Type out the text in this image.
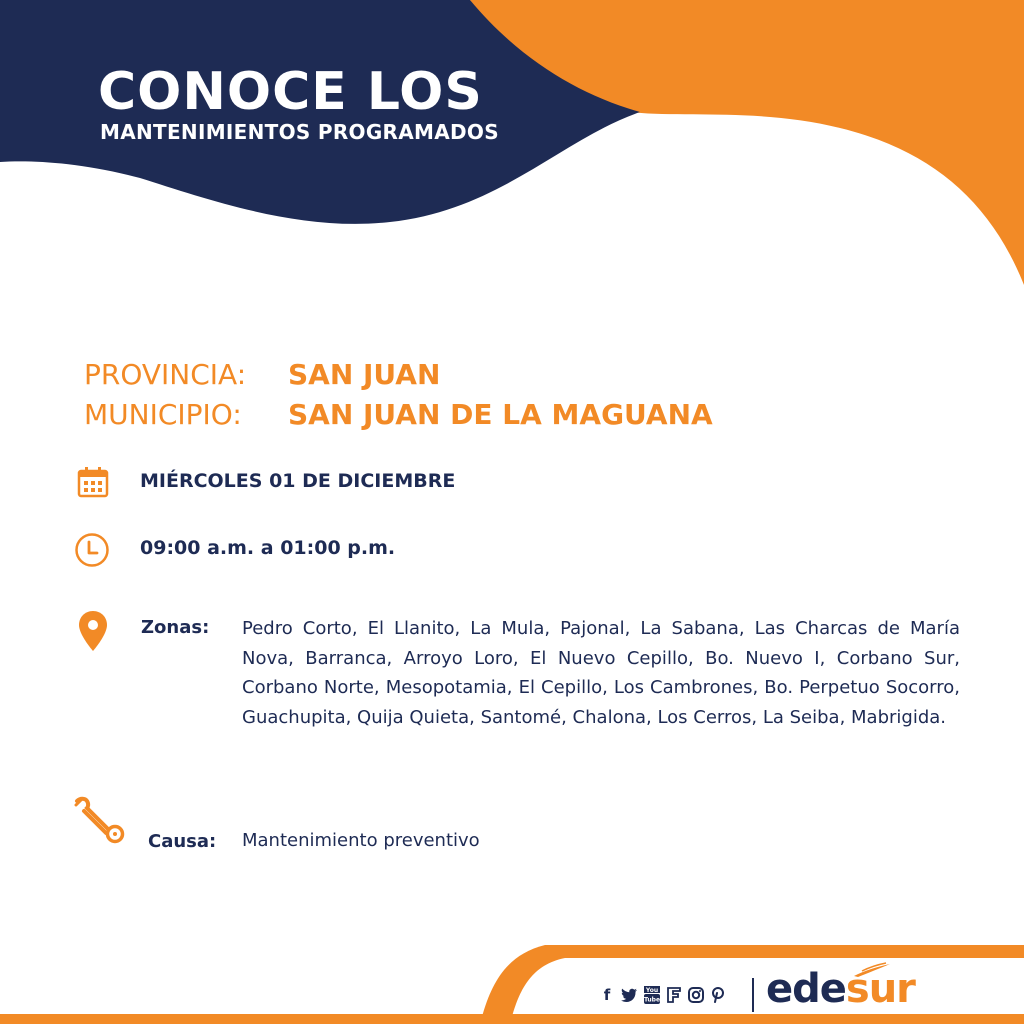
CONOCE LOS
MANTENIMIENTOS PROGRAMADOS
PROVINCIA: SAN JUAN
MUNICIPIO: SAN JUAN DE LA MAGUANA
MIÉRCOLES 01 DE DICIEMBRE
09:00 a.m. a 01:00 p.m.
Zonas: Pedro Corto, El Llanito, La Mula, Pajonal, La Sabana, Las Charcas de María Nova, Barranca, Arroyo Loro, El Nuevo Cepillo, Bo. Nuevo I, Corbano Sur, Corbano Norte, Mesopotamia, El Cepillo, Los Cambrones, Bo. Perpetuo Socorro, Guachupita, Quija Quieta, Santomé, Chalona, Los Cerros, La Seiba, Mabrigida.
Causa: Mantenimiento preventivo
f	You
Tube	edesur
